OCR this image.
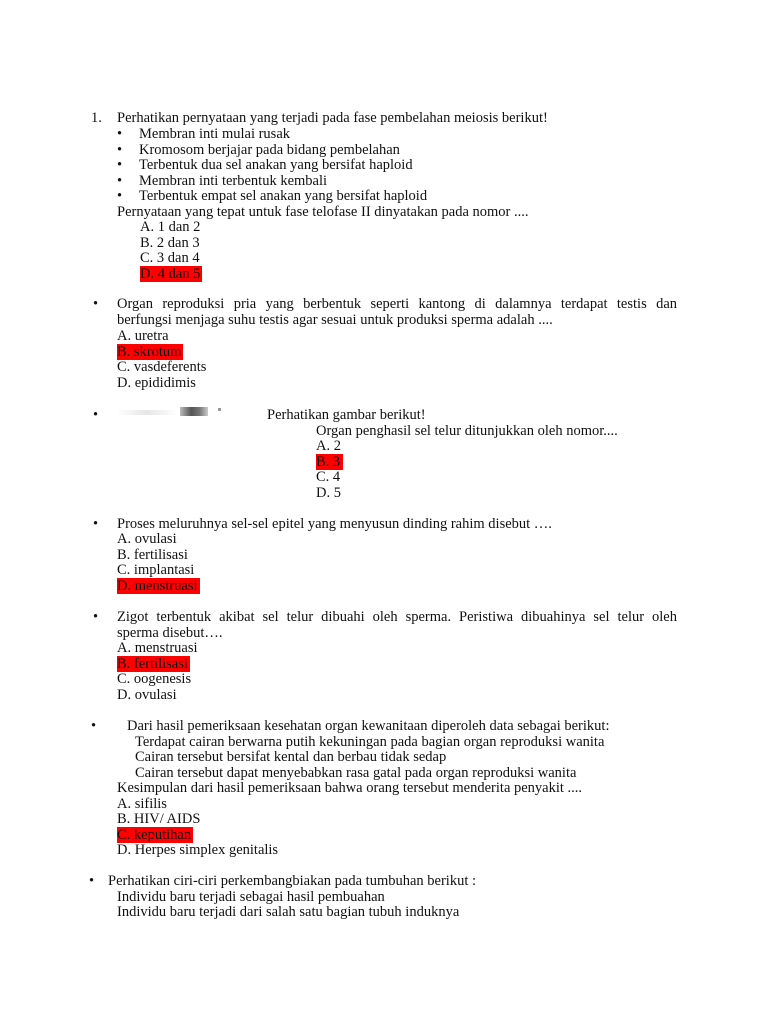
1. Perhatikan pernyataan yang terjadi pada fase pembelahan meiosis berikut!
• Membran inti mulai rusak
• Kromosom berjajar pada bidang pembelahan
• Terbentuk dua sel anakan yang bersifat haploid
• Membran inti terbentuk kembali
• Terbentuk empat sel anakan yang bersifat haploid
Pernyataan yang tepat untuk fase telofase II dinyatakan pada nomor ....
A. 1 dan 2
B. 2 dan 3
C. 3 dan 4
D. 4 dan 5
• Organ reproduksi pria yang berbentuk seperti kantong di dalamnya terdapat testis dan
berfungsi menjaga suhu testis agar sesuai untuk produksi sperma adalah ....
A. uretra
B. skrotum
C. vasdeferents
D. epididimis
•	Perhatikan gambar berikut!
Organ penghasil sel telur ditunjukkan oleh nomor....
A. 2
B. 3
C. 4
D. 5
• Proses meluruhnya sel-sel epitel yang menyusun dinding rahim disebut ….
A. ovulasi
B. fertilisasi
C. implantasi
D. menstruasi
• Zigot terbentuk akibat sel telur dibuahi oleh sperma. Peristiwa dibuahinya sel telur oleh
sperma disebut….
A. menstruasi
B. fertilisasi
C. oogenesis
D. ovulasi
• Dari hasil pemeriksaan kesehatan organ kewanitaan diperoleh data sebagai berikut:
Terdapat cairan berwarna putih kekuningan pada bagian organ reproduksi wanita
Cairan tersebut bersifat kental dan berbau tidak sedap
Cairan tersebut dapat menyebabkan rasa gatal pada organ reproduksi wanita
Kesimpulan dari hasil pemeriksaan bahwa orang tersebut menderita penyakit ....
A. sifilis
B. HIV/ AIDS
C. keputihan
D. Herpes simplex genitalis
• Perhatikan ciri-ciri perkembangbiakan pada tumbuhan berikut :
Individu baru terjadi sebagai hasil pembuahan
Individu baru terjadi dari salah satu bagian tubuh induknya
